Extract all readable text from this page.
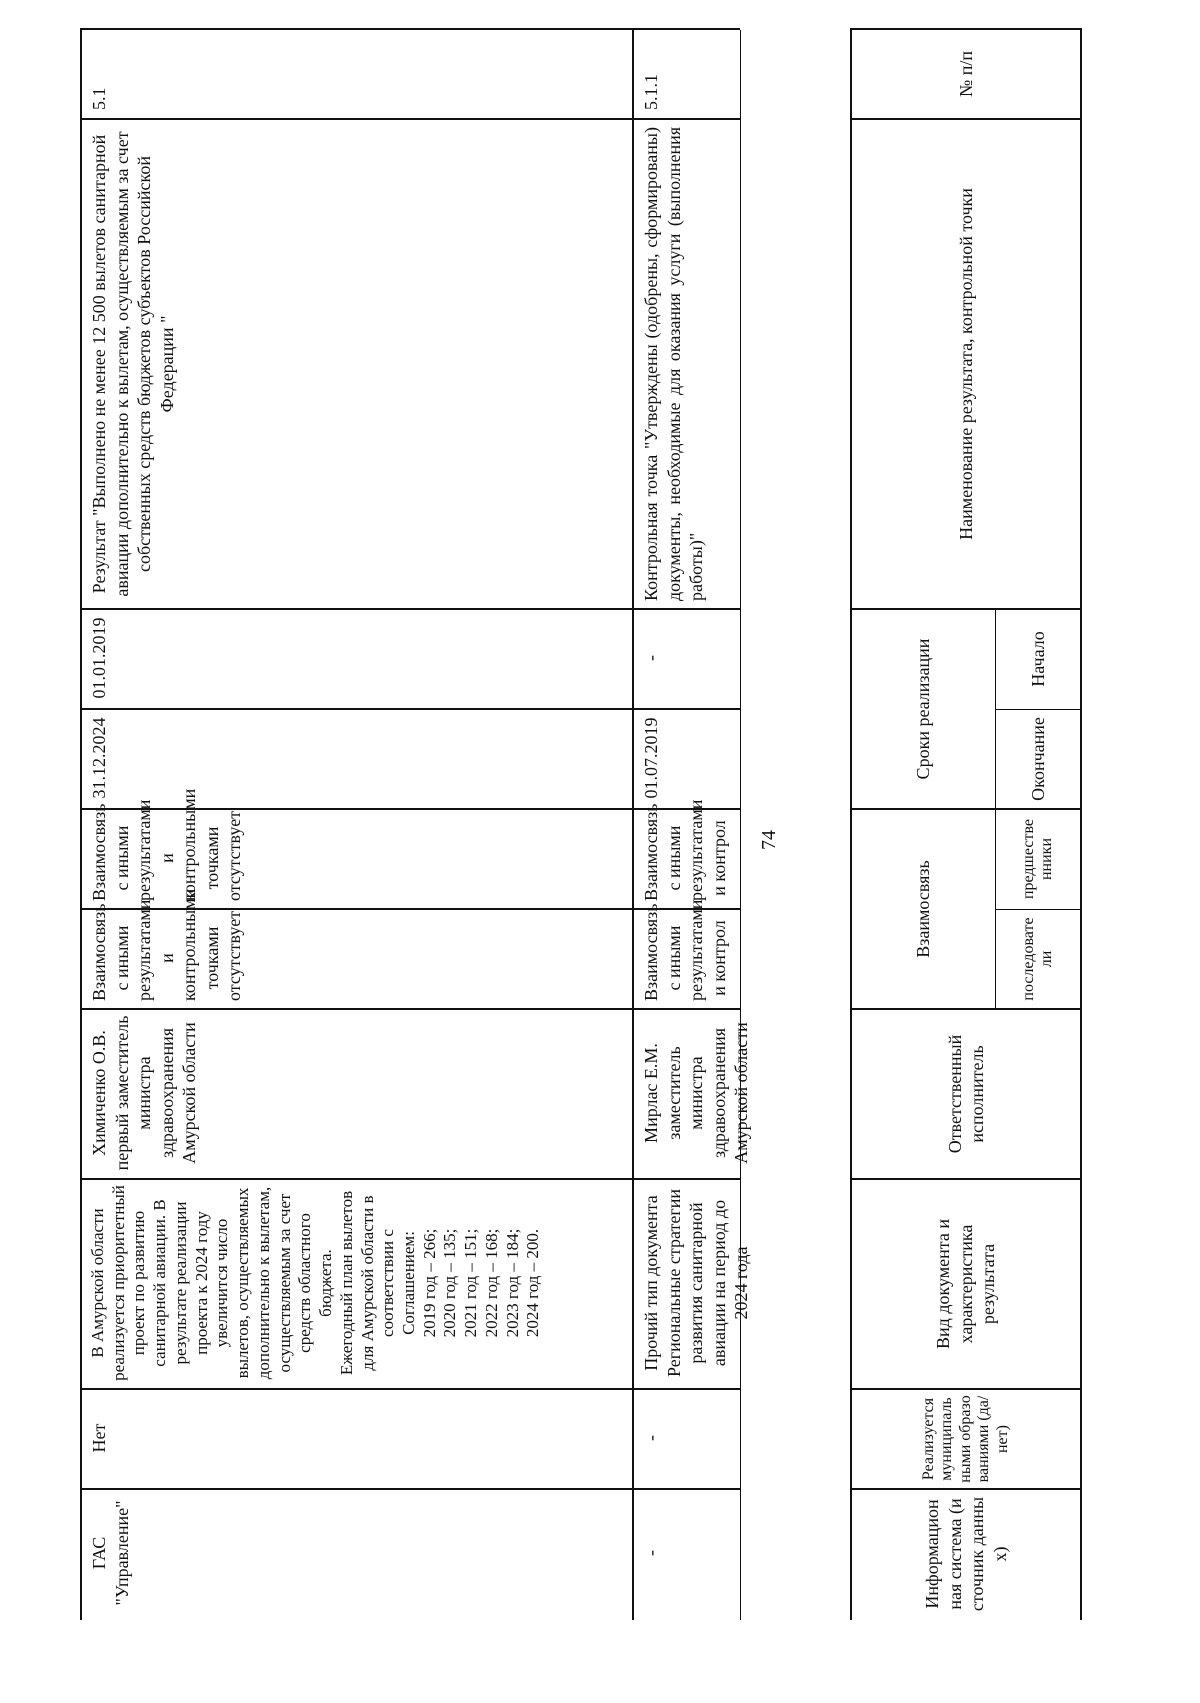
5.1
Результат "Выполнено не менее 12 500 вылетов санитарной авиации дополнительно к вылетам, осуществляемым за счет собственных средств бюджетов субъектов Российской Федерации "
01.01.2019
31.12.2024
Взаимосвязь с иными результатами и контрольными точками отсутствует
Взаимосвязь с иными результатами и контрольными точками отсутствует
Химиченко О.В. первый заместитель министра здравоохранения Амурской области
В Амурской области реализуется приоритетный проект по развитию санитарной авиации. В результате реализации проекта к 2024 году увеличится число вылетов, осуществляемых дополнительно к вылетам, осуществляемым за счет средств областного бюджета.
Ежегодный план вылетов для Амурской области в соответствии с Соглашением:
2019 год – 266;
2020 год – 135;
2021 год – 151;
2022 год – 168;
2023 год – 184;
2024 год – 200.
Нет
ГАС "Управление"
5.1.1
Контрольная точка "Утверждены (одобрены, сформированы) документы, необходимые для оказания услуги (выполнения работы)"
-
01.07.2019
Взаимосвязь с иными результатами и контрол
Взаимосвязь с иными результатами и контрол
Мирлас Е.М. заместитель министра здравоохранения Амурской области
Прочий тип документа Региональные стратегии развития санитарной авиации на период до 2024 года
-
-
74
№ п/п
Наименование результата, контрольной точки
Сроки реализации	Начало
Окончание
Взаимосвязь
предшественники
последователи
Ответственный исполнитель
Вид документа и характеристика результата
Реализуется муниципальными образованиями (да/нет)
Информационная система (источник данных)
